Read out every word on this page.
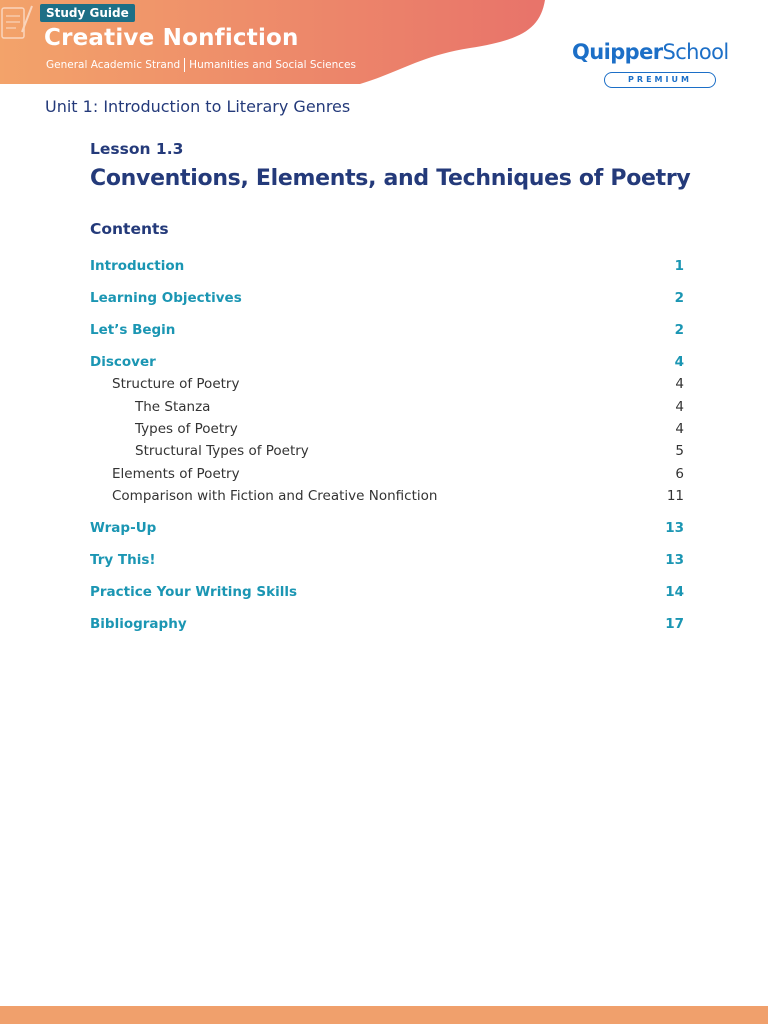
Study Guide
Creative Nonfiction
General Academic Strand Humanities and Social Sciences
QuipperSchool
PREMIUM
Unit 1: Introduction to Literary Genres
Lesson 1.3
Conventions, Elements, and Techniques of Poetry
Contents
Introduction	1
Learning Objectives	2
Let’s Begin	2
Discover	4
Structure of Poetry	4
The Stanza	4
Types of Poetry	4
Structural Types of Poetry	5
Elements of Poetry	6
Comparison with Fiction and Creative Nonfiction	11
Wrap-Up	13
Try This!	13
Practice Your Writing Skills	14
Bibliography	17
